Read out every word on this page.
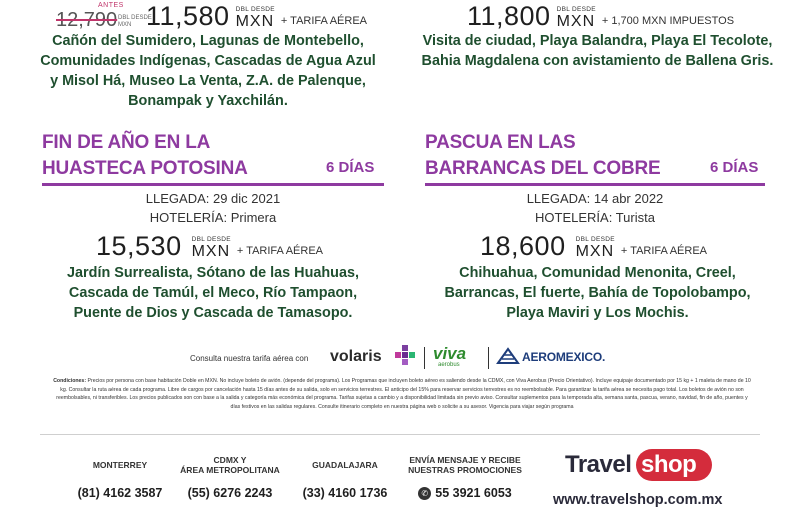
ANTES
12,790 DBL DESDE
MXN 11,580 DBL DESDE
MXN + TARIFA AÉREA	11,800 DBL DESDE
MXN + 1,700 MXN IMPUESTOS
Cañón del Sumidero, Lagunas de Montebello, Comunidades Indígenas, Cascadas de Agua Azul y Misol Há, Museo La Venta, Z.A. de Palenque, Bonampak y Yaxchilán.
Visita de ciudad, Playa Balandra, Playa El Tecolote, Bahia Magdalena con avistamiento de Ballena Gris.
FIN DE AÑO EN LA
HUASTECA POTOSINA	6 DÍAS
LLEGADA: 29 dic 2021
HOTELERÍA: Primera
15,530 DBL DESDE
MXN + TARIFA AÉREA
Jardín Surrealista, Sótano de las Huahuas, Cascada de Tamúl, el Meco, Río Tampaon, Puente de Dios y Cascada de Tamasopo.
PASCUA EN LAS
BARRANCAS DEL COBRE	6 DÍAS
LLEGADA: 14 abr 2022
HOTELERÍA: Turista
18,600 DBL DESDE
MXN + TARIFA AÉREA
Chihuahua, Comunidad Menonita, Creel, Barrancas, El fuerte, Bahía de Topolobampo, Playa Maviri y Los Mochis.
Consulta nuestra tarifa aérea con volaris	viva
aerobus
AEROMEXICO.
Condiciones: Precios por persona con base habitación Doble en MXN. No incluye boleto de avión. (depende del programa). Los Programas que incluyen boleto aéreo es saliendo desde la CDMX, con Viva Aerobus (Precio Orientativo). Incluye equipaje documentado por 15 kg + 1 maleta de mano de 10 kg. Consultar la ruta aérea de cada programa. Libre de cargos por cancelación hasta 15 días antes de su salida, solo en servicios terrestres. El anticipo del 15% para reservar servicios terrestres es no reembolsable. Para garantizar la tarifa aérea se necesita pago total. Los boletos de avión no son reembolsables, ni transferibles. Los precios publicados son con base a la salida y categoría más económica del programa. Tarifas sujetas a cambio y a disponibilidad limitada sin previo aviso. Consultar suplementos para la temporada alta, semana santa, pascua, verano, navidad, fin de año, puentes y días festivos en las salidas regulares. Consulte itinerario completo en nuestra página web o solicite a su asesor. Vigencia para viajar según programa
MONTERREY
(81) 4162 3587
CDMX Y
ÁREA METROPOLITANA
(55) 6276 2243
GUADALAJARA
(33) 4160 1736
ENVÍA MENSAJE Y RECIBE
NUESTRAS PROMOCIONES
✆ 55 3921 6053
Travel shop
www.travelshop.com.mx
